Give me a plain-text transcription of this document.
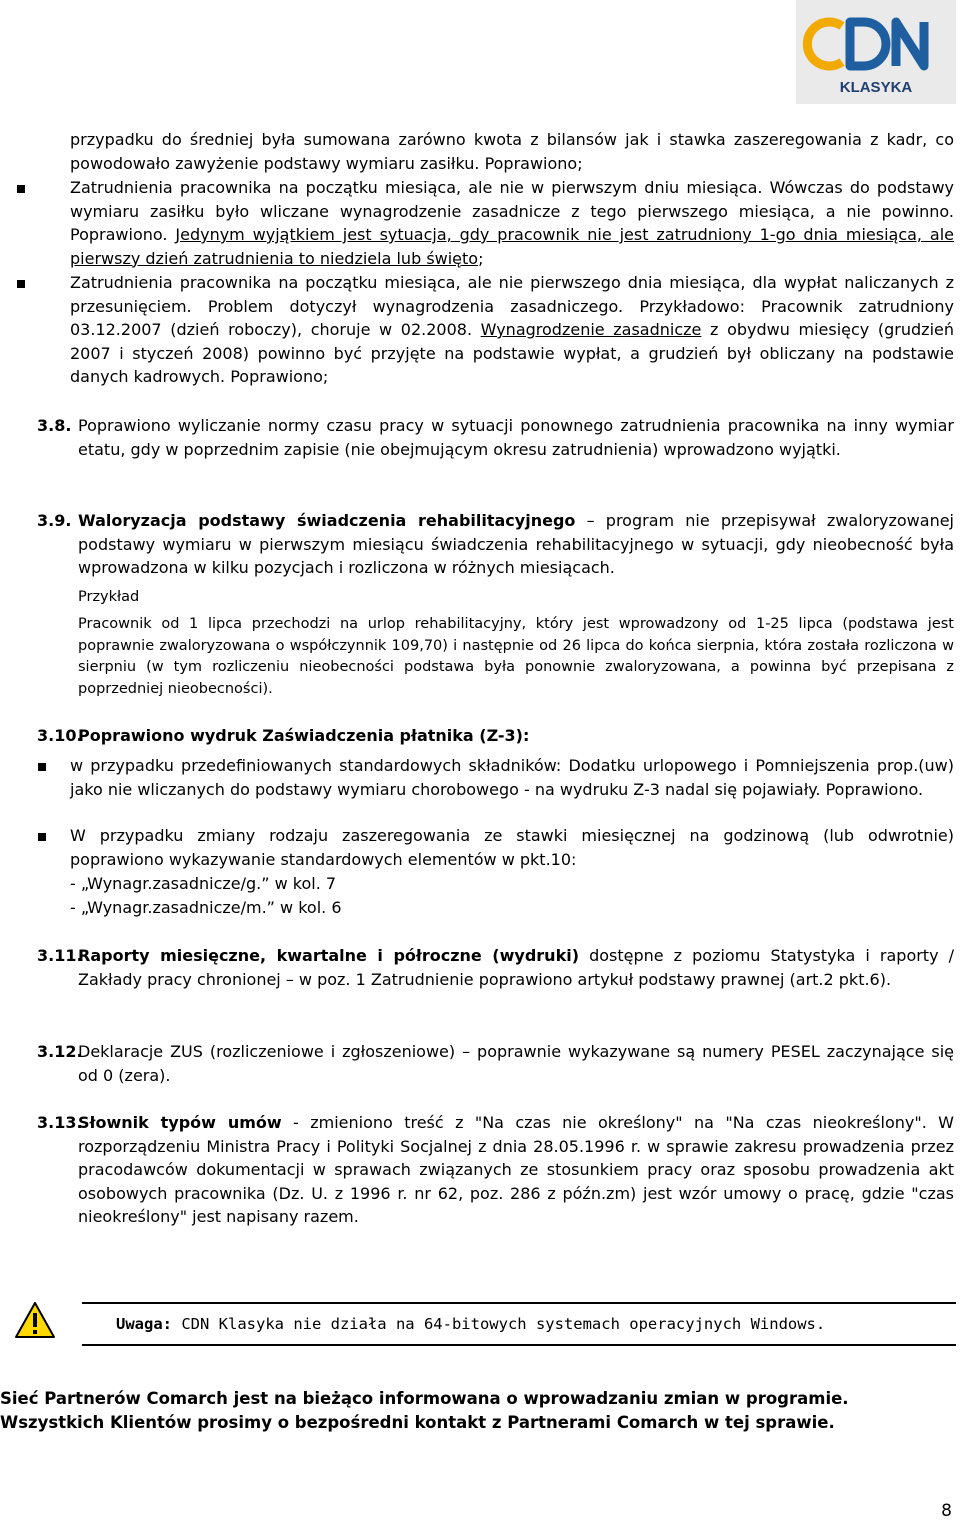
KLASYKA

przypadku do średniej była sumowana zarówno kwota z bilansów jak i stawka zaszeregowania z kadr, co powodowało zawyżenie podstawy wymiaru zasiłku. Poprawiono;

Zatrudnienia pracownika na początku miesiąca, ale nie w pierwszym dniu miesiąca. Wówczas do podstawy wymiaru zasiłku było wliczane wynagrodzenie zasadnicze z tego pierwszego miesiąca, a nie powinno. Poprawiono. Jedynym wyjątkiem jest sytuacja, gdy pracownik nie jest zatrudniony 1-go dnia miesiąca, ale pierwszy dzień zatrudnienia to niedziela lub święto;

Zatrudnienia pracownika na początku miesiąca, ale nie pierwszego dnia miesiąca, dla wypłat naliczanych z przesunięciem. Problem dotyczył wynagrodzenia zasadniczego. Przykładowo: Pracownik zatrudniony 03.12.2007 (dzień roboczy), choruje w 02.2008. Wynagrodzenie zasadnicze z obydwu miesięcy (grudzień 2007 i styczeń 2008) powinno być przyjęte na podstawie wypłat, a grudzień był obliczany na podstawie danych kadrowych. Poprawiono;

3.8. Poprawiono wyliczanie normy czasu pracy w sytuacji ponownego zatrudnienia pracownika na inny wymiar etatu, gdy w poprzednim zapisie (nie obejmującym okresu zatrudnienia) wprowadzono wyjątki.

3.9. Waloryzacja podstawy świadczenia rehabilitacyjnego – program nie przepisywał zwaloryzowanej podstawy wymiaru w pierwszym miesiącu świadczenia rehabilitacyjnego w sytuacji, gdy nieobecność była wprowadzona w kilku pozycjach i rozliczona w różnych miesiącach.

Przykład

Pracownik od 1 lipca przechodzi na urlop rehabilitacyjny, który jest wprowadzony od 1-25 lipca (podstawa jest poprawnie zwaloryzowana o współczynnik 109,70) i następnie od 26 lipca do końca sierpnia, która została rozliczona w sierpniu (w tym rozliczeniu nieobecności podstawa była ponownie zwaloryzowana, a powinna być przepisana z poprzedniej nieobecności).

3.10.

Poprawiono wydruk Zaświadczenia płatnika (Z-3):

w przypadku przedefiniowanych standardowych składników: Dodatku urlopowego i Pomniejszenia prop.(uw) jako nie wliczanych do podstawy wymiaru chorobowego - na wydruku Z-3 nadal się pojawiały. Poprawiono.

W przypadku zmiany rodzaju zaszeregowania ze stawki miesięcznej na godzinową (lub odwrotnie) poprawiono wykazywanie standardowych elementów w pkt.10:

- „Wynagr.zasadnicze/g.” w kol. 7

- „Wynagr.zasadnicze/m.” w kol. 6

3.11.

Raporty miesięczne, kwartalne i półroczne (wydruki) dostępne z poziomu Statystyka i raporty / Zakłady pracy chronionej – w poz. 1 Zatrudnienie poprawiono artykuł podstawy prawnej (art.2 pkt.6).

3.12.

Deklaracje ZUS (rozliczeniowe i zgłoszeniowe) – poprawnie wykazywane są numery PESEL zaczynające się od 0 (zera).

3.13.

Słownik typów umów - zmieniono treść z "Na czas nie określony" na "Na czas nieokreślony". W rozporządzeniu Ministra Pracy i Polityki Socjalnej z dnia 28.05.1996 r. w sprawie zakresu prowadzenia przez pracodawców dokumentacji w sprawach związanych ze stosunkiem pracy oraz sposobu prowadzenia akt osobowych pracownika (Dz. U. z 1996 r. nr 62, poz. 286 z późn.zm) jest wzór umowy o pracę, gdzie "czas nieokreślony" jest napisany razem.

Uwaga: CDN Klasyka nie działa na 64-bitowych systemach operacyjnych Windows.
Sieć Partnerów Comarch jest na bieżąco informowana o wprowadzaniu zmian w programie.
Wszystkich Klientów prosimy o bezpośredni kontakt z Partnerami Comarch w tej sprawie.
8
